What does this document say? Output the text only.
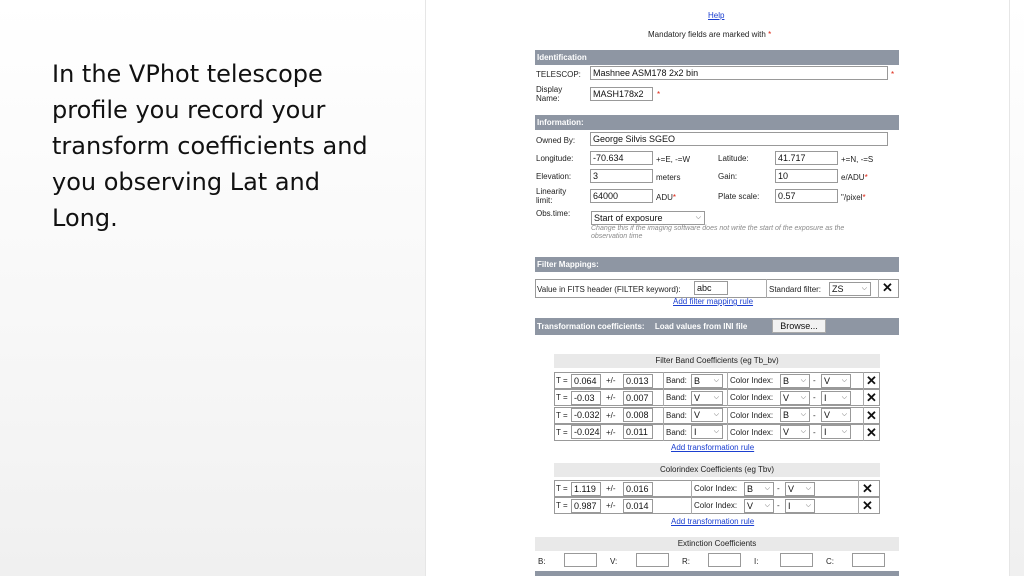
In the VPhot telescope profile you record your transform coefficients and you observing Lat and Long.
Help
Mandatory fields are marked with *
Identification
TELESCOP:	Mashnee ASM178 2x2 bin	*
Display
Name:	MASH178x2	*
Information:
Owned By:	George Silvis SGEO
Longitude:	-70.634	+=E, -=W	Latitude:	41.717	+=N, -=S
Elevation:	3	meters	Gain:	10	e/ADU*
Linearity
limit:	64000	ADU*	Plate scale:	0.57	"/pixel*
Obs.time:	Start of exposure	⌵
Change this if the imaging software does not write the start of the exposure as the
observation time
Filter Mappings:
Value in FITS header (FILTER keyword):	abc	Standard filter:	ZS	⌵ ✕
Add filter mapping rule
Transformation coefficients: Load values from INI file	Browse...
Filter Band Coefficients (eg Tb_bv)
T = 0.064	+/-	0.013	Band: B ⌵ Color Index:	B ⌵ - V ⌵ ✕
T = -0.03	+/-	0.007	Band: V ⌵ Color Index:	V ⌵ - I ⌵ ✕
T = -0.032 +/-	0.008	Band: V ⌵ Color Index:	B ⌵ - V ⌵ ✕
T = -0.024 +/-	0.011	Band: I ⌵ Color Index:	V ⌵ - I ⌵ ✕
Add transformation rule
Colorindex Coefficients (eg Tbv)
T = 1.119	+/-	0.016	Color Index:	B ⌵ - V ⌵	✕
T = 0.987	+/-	0.014	Color Index:	V ⌵ - I ⌵	✕
Add transformation rule
Extinction Coefficients
B:	V:	R:	I:	C:
